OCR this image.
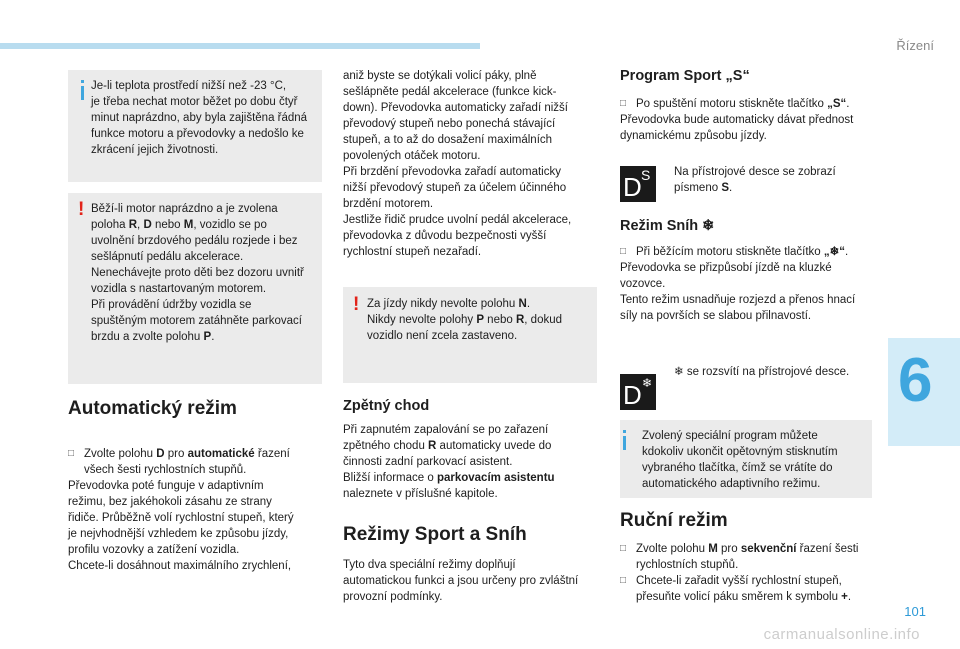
Řízení
6
101
carmanualsonline.info
Je-li teplota prostředí nižší než -23 °C,
je třeba nechat motor běžet po dobu čtyř
minut naprázdno, aby byla zajištěna řádná
funkce motoru a převodovky a nedošlo ke
zkrácení jejich životnosti.
! Běží-li motor naprázdno a je zvolena
poloha R, D nebo M, vozidlo se po
uvolnění brzdového pedálu rozjede i bez
sešlápnutí pedálu akcelerace.
Nenechávejte proto děti bez dozoru uvnitř
vozidla s nastartovaným motorem.
Při provádění údržby vozidla se
spuštěným motorem zatáhněte parkovací
brzdu a zvolte polohu P.
Automatický režim
□ Zvolte polohu D pro automatické řazení
všech šesti rychlostních stupňů.
Převodovka poté funguje v adaptivním
režimu, bez jakéhokoli zásahu ze strany
řidiče. Průběžně volí rychlostní stupeň, který
je nejvhodnější vzhledem ke způsobu jízdy,
profilu vozovky a zatížení vozidla.
Chcete-li dosáhnout maximálního zrychlení,
aniž byste se dotýkali volicí páky, plně
sešlápněte pedál akcelerace (funkce kick-
down). Převodovka automaticky zařadí nižší
převodový stupeň nebo ponechá stávající
stupeň, a to až do dosažení maximálních
povolených otáček motoru.
Při brzdění převodovka zařadí automaticky
nižší převodový stupeň za účelem účinného
brzdění motorem.
Jestliže řidič prudce uvolní pedál akcelerace,
převodovka z důvodu bezpečnosti vyšší
rychlostní stupeň nezařadí.
! Za jízdy nikdy nevolte polohu N.
Nikdy nevolte polohy P nebo R, dokud
vozidlo není zcela zastaveno.
Zpětný chod
Při zapnutém zapalování se po zařazení
zpětného chodu R automaticky uvede do
činnosti zadní parkovací asistent.
Bližší informace o parkovacím asistentu
naleznete v příslušné kapitole.
Režimy Sport a Sníh
Tyto dva speciální režimy doplňují
automatickou funkci a jsou určeny pro zvláštní
provozní podmínky.
Program Sport „S“
□ Po spuštění motoru stiskněte tlačítko „S“.
Převodovka bude automaticky dávat přednost
dynamickému způsobu jízdy.
S
D	Na přístrojové desce se zobrazí
písmeno S.
Režim Sníh ❄
□ Při běžícím motoru stiskněte tlačítko „❄“.
Převodovka se přizpůsobí jízdě na kluzké
vozovce.
Tento režim usnadňuje rozjezd a přenos hnací
síly na površích se slabou přilnavostí.
❄
D
❄ se rozsvítí na přístrojové desce.
Zvolený speciální program můžete
kdokoliv ukončit opětovným stisknutím
vybraného tlačítka, čímž se vrátíte do
automatického adaptivního režimu.
Ruční režim
□ Zvolte polohu M pro sekvenční řazení šesti
rychlostních stupňů.
□ Chcete-li zařadit vyšší rychlostní stupeň,
přesuňte volicí páku směrem k symbolu +.
